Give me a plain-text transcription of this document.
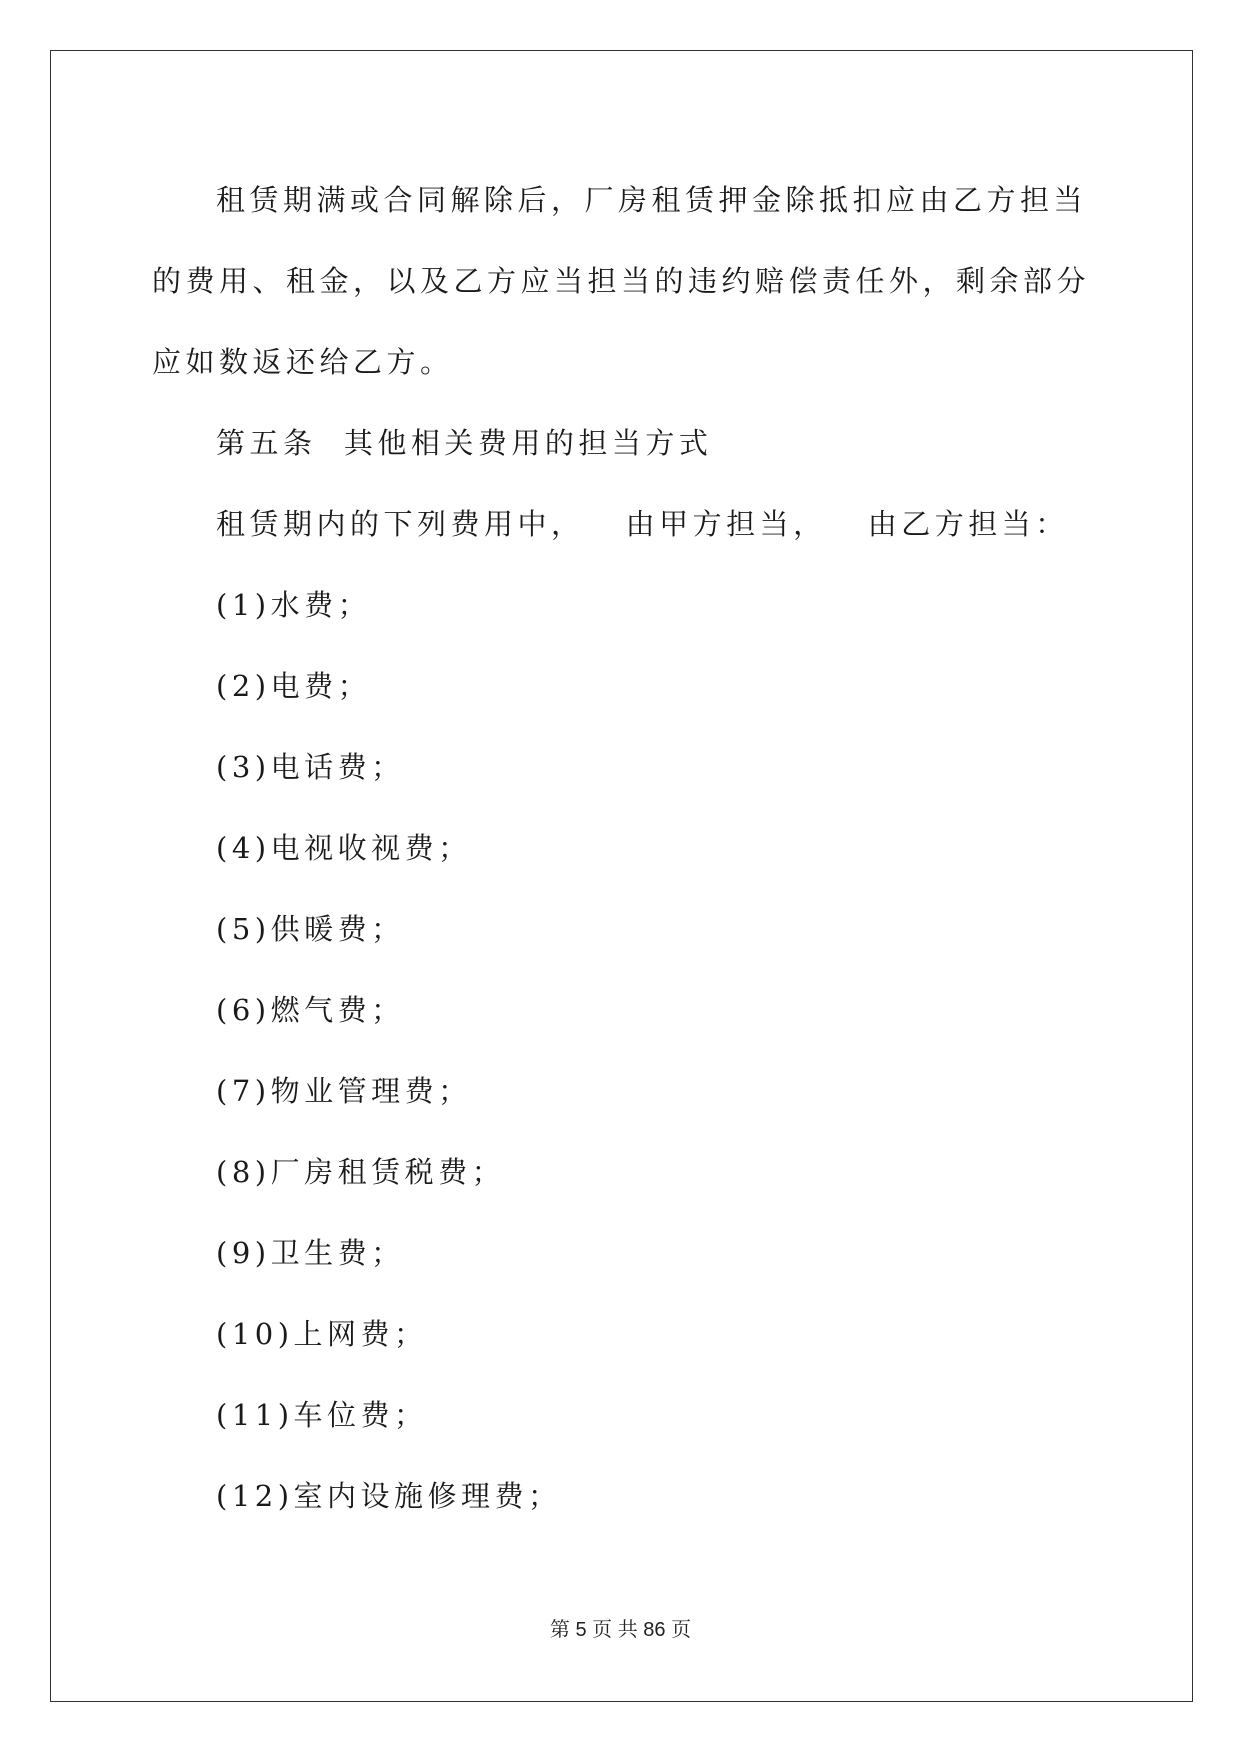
租赁期满或合同解除后，厂房租赁押金除抵扣应由乙方担当的费用、租金，以及乙方应当担当的违约赔偿责任外，剩余部分应如数返还给乙方。

第五条  其他相关费用的担当方式

租赁期内的下列费用中，   由甲方担当，   由乙方担当：

(1)水费；

(2)电费；

(3)电话费；

(4)电视收视费；

(5)供暖费；

(6)燃气费；

(7)物业管理费；

(8)厂房租赁税费；

(9)卫生费；

(10)上网费；

(11)车位费；

(12)室内设施修理费；

第 5 页 共 86 页
